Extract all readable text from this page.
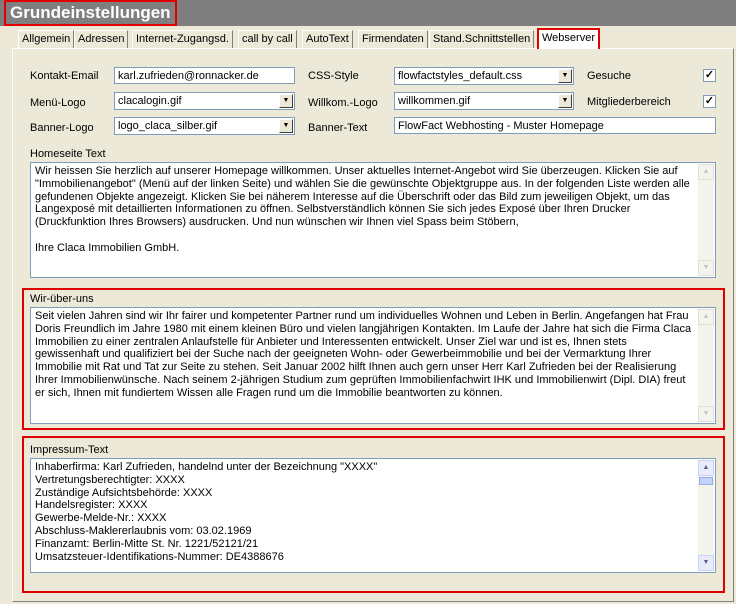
Grundeinstellungen
Allgemein Adressen	Internet-Zugangsd.	call by call	AutoText	Firmendaten Stand.Schnittstellen	Webserver
Kontakt-Email	karl.zufrieden@ronnacker.de	CSS-Style	flowfactstyles_default.css	▼	Gesuche	✓
Menü-Logo	clacalogin.gif	▼	Willkom.-Logo willkommen.gif	▼	Mitgliederbereich	✓
Banner-Logo logo_claca_silber.gif	▼	Banner-Text	FlowFact Webhosting - Muster Homepage
Homeseite Text
Wir heissen Sie herzlich auf unserer Homepage willkommen. Unser aktuelles Internet-Angebot wird Sie überzeugen. Klicken Sie auf "Immobilienangebot" (Menü auf der linken Seite) und wählen Sie die gewünschte Objektgruppe aus. In der folgenden Liste werden alle gefundenen Objekte angezeigt. Klicken Sie bei näherem Interesse auf die Überschrift oder das Bild zum jeweiligen Objekt, um das Langexposé mit detaillierten Informationen zu öffnen. Selbstverständlich können Sie sich jedes Exposé über Ihren Drucker (Druckfunktion Ihres Browsers) ausdrucken. Und nun wünschen wir Ihnen viel Spass beim Stöbern,

Ihre Claca Immobilien GmbH.
▲
▼
Wir-über-uns
Seit vielen Jahren sind wir Ihr fairer und kompetenter Partner rund um individuelles Wohnen und Leben in Berlin. Angefangen hat Frau Doris Freundlich im Jahre 1980 mit einem kleinen Büro und vielen langjährigen Kontakten. Im Laufe der Jahre hat sich die Firma Claca Immobilien zu einer zentralen Anlaufstelle für Anbieter und Interessenten entwickelt. Unser Ziel war und ist es, Ihnen stets gewissenhaft und qualifiziert bei der Suche nach der geeigneten Wohn- oder Gewerbeimmobilie und bei der Vermarktung Ihrer Immobilie mit Rat und Tat zur Seite zu stehen. Seit Januar 2002 hilft Ihnen auch gern unser Herr Karl Zufrieden bei der Realisierung Ihrer Immobilienwünsche. Nach seinem 2-jährigen Studium zum geprüften Immobilienfachwirt IHK und Immobilienwirt (Dipl. DIA) freut er sich, Ihnen mit fundiertem Wissen alle Fragen rund um die Immobilie beantworten zu können.
▲
▼
Impressum-Text
Inhaberfirma: Karl Zufrieden, handelnd unter der Bezeichnung "XXXX"
Vertretungsberechtigter: XXXX
Zuständige Aufsichtsbehörde: XXXX
Handelsregister: XXXX
Gewerbe-Melde-Nr.: XXXX
Abschluss-Maklererlaubnis vom: 03.02.1969
Finanzamt: Berlin-Mitte St. Nr. 1221/52121/21
Umsatzsteuer-Identifikations-Nummer: DE4388676
▲
▼
